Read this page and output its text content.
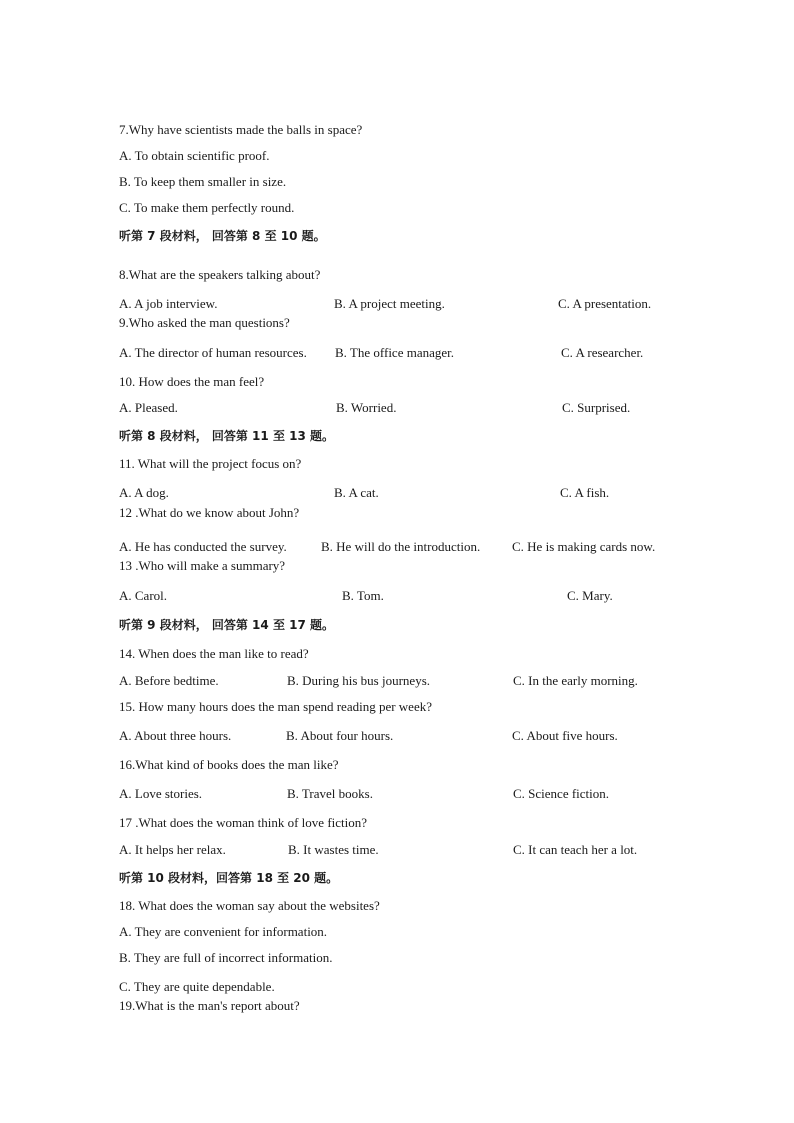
7.Why have scientists made the balls in space?
A. To obtain scientific proof.
B. To keep them smaller in size.
C. To make them perfectly round.
听第 7 段材料， 回答第 8 至 10 题。
8.What are the speakers talking about?
A. A job interview.	B. A project meeting.	C. A presentation.
9.Who asked the man questions?
A. The director of human resources. B. The office manager.	C. A researcher.
10. How does the man feel?
A. Pleased.	B. Worried.	C. Surprised.
听第 8 段材料， 回答第 11 至 13 题。
11. What will the project focus on?
A. A dog.	B. A cat.	C. A fish.
12 .What do we know about John?
A. He has conducted the survey.	B. He will do the introduction. C. He is making cards now.
13 .Who will make a summary?
A. Carol.	B. Tom.	C. Mary.
听第 9 段材料， 回答第 14 至 17 题。
14. When does the man like to read?
A. Before bedtime.	B. During his bus journeys.	C. In the early morning.
15. How many hours does the man spend reading per week?
A. About three hours.	B. About four hours.	C. About five hours.
16.What kind of books does the man like?
A. Love stories.	B. Travel books.	C. Science fiction.
17 .What does the woman think of love fiction?
A. It helps her relax.	B. It wastes time.	C. It can teach her a lot.
听第 10 段材料，回答第 18 至 20 题。
18. What does the woman say about the websites?
A. They are convenient for information.
B. They are full of incorrect information.
C. They are quite dependable.
19.What is the man's report about?
